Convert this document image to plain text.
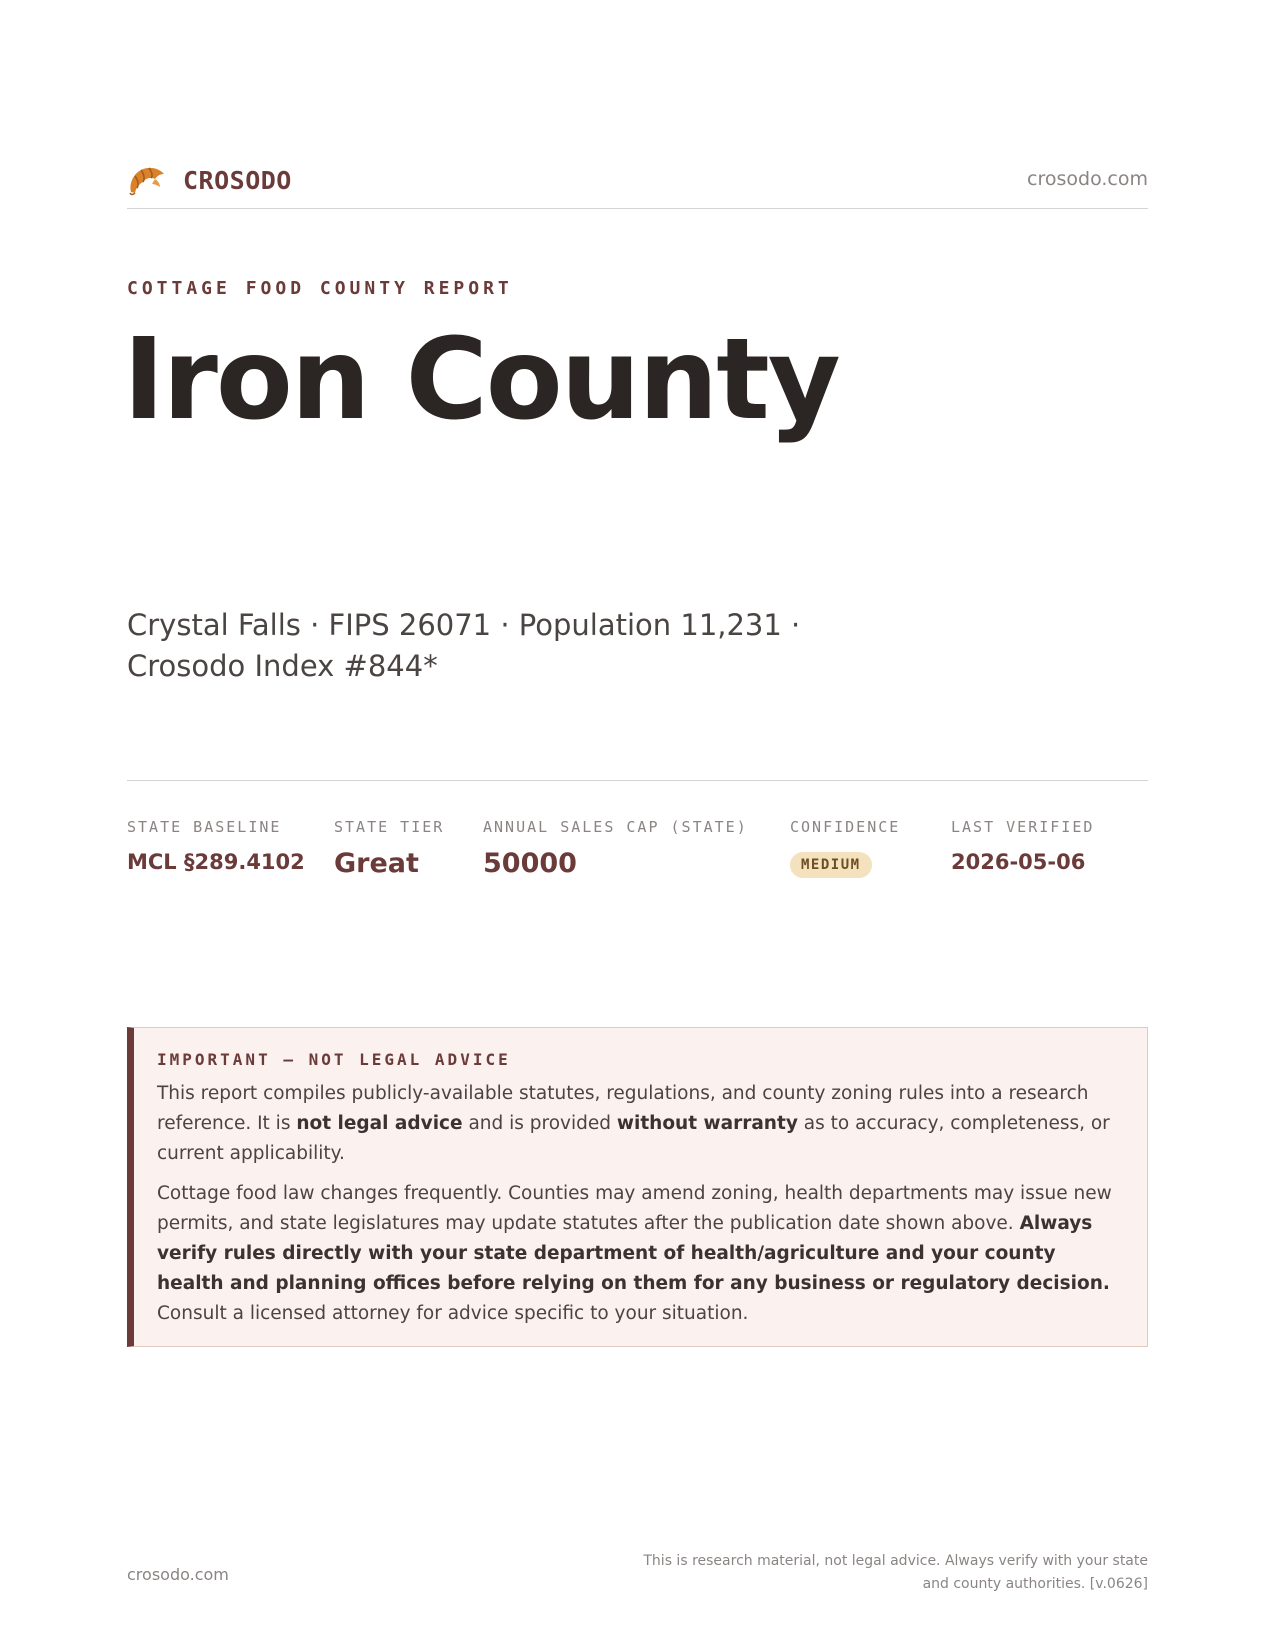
CROSODO	crosodo.com
COTTAGE FOOD COUNTY REPORT
Iron County
Crystal Falls · FIPS 26071 · Population 11,231 · Crosodo Index #844*
STATE BASELINE
MCL §289.4102
STATE TIER
Great
ANNUAL SALES CAP (STATE)
50000
CONFIDENCE
MEDIUM
LAST VERIFIED
2026-05-06
IMPORTANT — NOT LEGAL ADVICE

This report compiles publicly-available statutes, regulations, and county zoning rules into a research reference. It is not legal advice and is provided without warranty as to accuracy, completeness, or current applicability.

Cottage food law changes frequently. Counties may amend zoning, health departments may issue new permits, and state legislatures may update statutes after the publication date shown above. Always verify rules directly with your state department of health/agriculture and your county health and planning offices before relying on them for any business or regulatory decision. Consult a licensed attorney for advice specific to your situation.

crosodo.com
This is research material, not legal advice. Always verify with your state and county authorities. [v.0626]
